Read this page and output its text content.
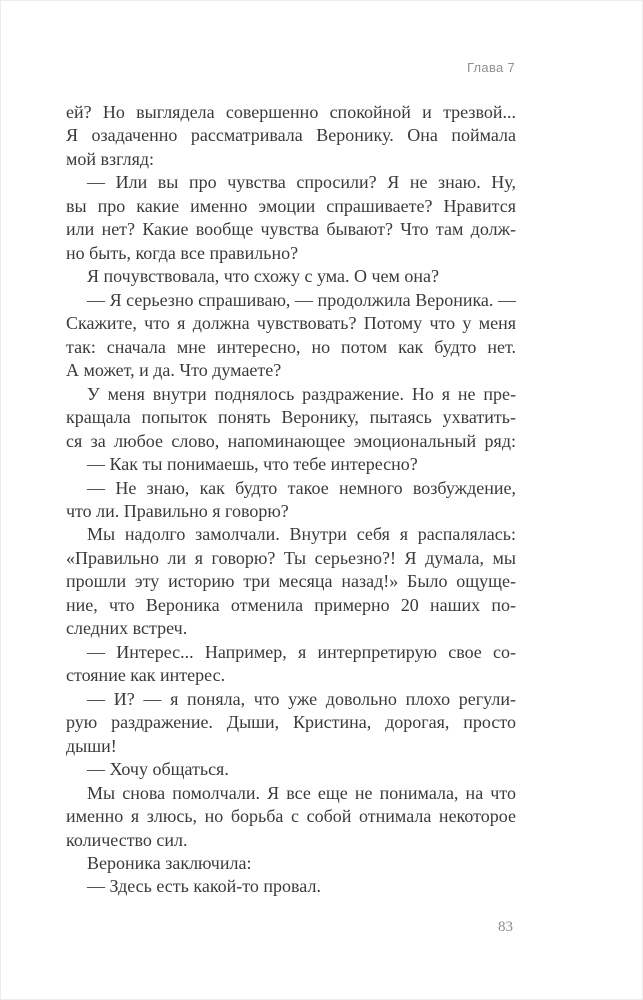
Глава 7
ей? Но выглядела совершенно спокойной и трезвой...
Я озадаченно рассматривала Веронику. Она поймала
мой взгляд:
— Или вы про чувства спросили? Я не знаю. Ну,
вы про какие именно эмоции спрашиваете? Нравится
или нет? Какие вообще чувства бывают? Что там долж-
но быть, когда все правильно?
Я почувствовала, что схожу с ума. О чем она?
— Я серьезно спрашиваю, — продолжила Вероника. —
Скажите, что я должна чувствовать? Потому что у меня
так: сначала мне интересно, но потом как будто нет.
А может, и да. Что думаете?
У меня внутри поднялось раздражение. Но я не пре-
кращала попыток понять Веронику, пытаясь ухватить-
ся за любое слово, напоминающее эмоциональный ряд:
— Как ты понимаешь, что тебе интересно?
— Не знаю, как будто такое немного возбуждение,
что ли. Правильно я говорю?
Мы надолго замолчали. Внутри себя я распалялась:
«Правильно ли я говорю? Ты серьезно?! Я думала, мы
прошли эту историю три месяца назад!» Было ощуще-
ние, что Вероника отменила примерно 20 наших по-
следних встреч.
— Интерес... Например, я интерпретирую свое со-
стояние как интерес.
— И? — я поняла, что уже довольно плохо регули-
рую раздражение. Дыши, Кристина, дорогая, просто
дыши!
— Хочу общаться.
Мы снова помолчали. Я все еще не понимала, на что
именно я злюсь, но борьба с собой отнимала некоторое
количество сил.
Вероника заключила:
— Здесь есть какой-то провал.
83
